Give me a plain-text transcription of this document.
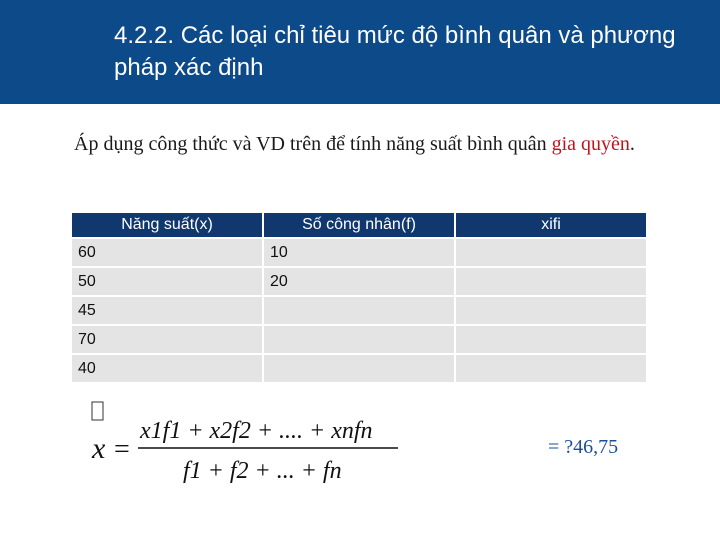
4.2.2. Các loại chỉ tiêu mức độ bình quân và phương pháp xác định
Áp dụng công thức và VD trên để tính năng suất bình quân gia quyền.
Năng suất(x)	Số công nhân(f)	xifi
60	10	
50	20	
45		
70		
40		
x =
x1f1 + x2f2 + .... + xnfn
f1 + f2 + ... + fn
= ?46,75
